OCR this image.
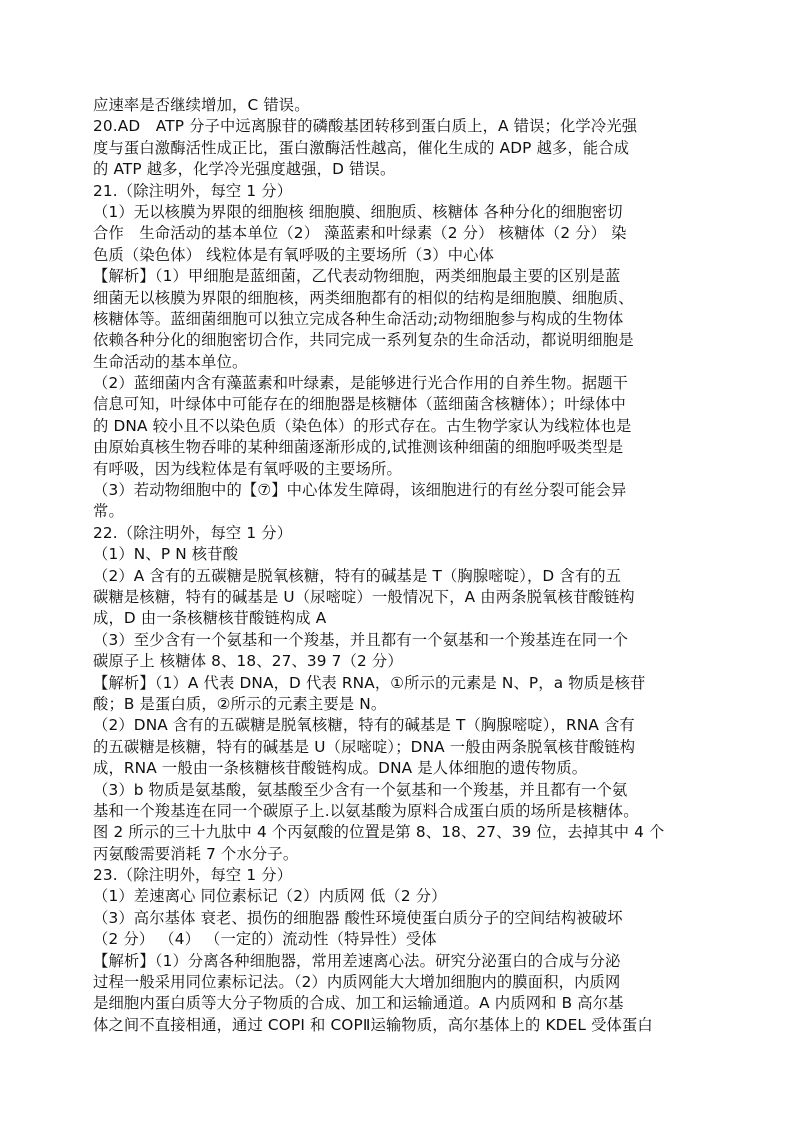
应速率是否继续增加，C 错误。
20.AD　ATP 分子中远离腺苷的磷酸基团转移到蛋白质上，A 错误；化学冷光强
度与蛋白激酶活性成正比，蛋白激酶活性越高，催化生成的 ADP 越多，能合成
的 ATP 越多，化学冷光强度越强，D 错误。
21.（除注明外，每空 1 分）
（1）无以核膜为界限的细胞核 细胞膜、细胞质、核糖体 各种分化的细胞密切
合作　生命活动的基本单位（2） 藻蓝素和叶绿素（2 分） 核糖体（2 分） 染
色质（染色体） 线粒体是有氧呼吸的主要场所（3）中心体
【解析】（1）甲细胞是蓝细菌，乙代表动物细胞，两类细胞最主要的区别是蓝
细菌无以核膜为界限的细胞核，两类细胞都有的相似的结构是细胞膜、细胞质、
核糖体等。蓝细菌细胞可以独立完成各种生命活动;动物细胞参与构成的生物体
依赖各种分化的细胞密切合作，共同完成一系列复杂的生命活动，都说明细胞是
生命活动的基本单位。
（2）蓝细菌内含有藻蓝素和叶绿素，是能够进行光合作用的自养生物。据题干
信息可知，叶绿体中可能存在的细胞器是核糖体（蓝细菌含核糖体）；叶绿体中
的 DNA 较小且不以染色质（染色体）的形式存在。古生物学家认为线粒体也是
由原始真核生物吞啡的某种细菌逐渐形成的,试推测该种细菌的细胞呼吸类型是
有呼吸，因为线粒体是有氧呼吸的主要场所。
（3）若动物细胞中的【⑦】中心体发生障碍，该细胞进行的有丝分裂可能会异
常。
22.（除注明外，每空 1 分）
（1）N、P N 核苷酸
（2）A 含有的五碳糖是脱氧核糖，特有的碱基是 T（胸腺嘧啶），D 含有的五
碳糖是核糖，特有的碱基是 U（尿嘧啶）一般情况下，A 由两条脱氧核苷酸链构
成，D 由一条核糖核苷酸链构成 A
（3）至少含有一个氨基和一个羧基，并且都有一个氨基和一个羧基连在同一个
碳原子上 核糖体 8、18、27、39 7（2 分）
【解析】（1）A 代表 DNA，D 代表 RNA，①所示的元素是 N、P，a 物质是核苷
酸；B 是蛋白质，②所示的元素主要是 N。
（2）DNA 含有的五碳糖是脱氧核糖，特有的碱基是 T（胸腺嘧啶），RNA 含有
的五碳糖是核糖，特有的碱基是 U（尿嘧啶）；DNA 一般由两条脱氧核苷酸链构
成，RNA 一般由一条核糖核苷酸链构成。DNA 是人体细胞的遗传物质。
（3）b 物质是氨基酸，氨基酸至少含有一个氨基和一个羧基，并且都有一个氨
基和一个羧基连在同一个碳原子上.以氨基酸为原料合成蛋白质的场所是核糖体。
图 2 所示的三十九肽中 4 个丙氨酸的位置是第 8、18、27、39 位，去掉其中 4 个
丙氨酸需要消耗 7 个水分子。
23.（除注明外，每空 1 分）
（1）差速离心 同位素标记（2）内质网 低（2 分）
（3）高尔基体 衰老、损伤的细胞器 酸性环境使蛋白质分子的空间结构被破坏
（2 分） （4） （一定的）流动性（特异性）受体
【解析】（1）分离各种细胞器，常用差速离心法。研究分泌蛋白的合成与分泌
过程一般采用同位素标记法。（2）内质网能大大增加细胞内的膜面积，内质网
是细胞内蛋白质等大分子物质的合成、加工和运输通道。A 内质网和 B 高尔基
体之间不直接相通，通过 COPI 和 COPⅡ运输物质，高尔基体上的 KDEL 受体蛋白
